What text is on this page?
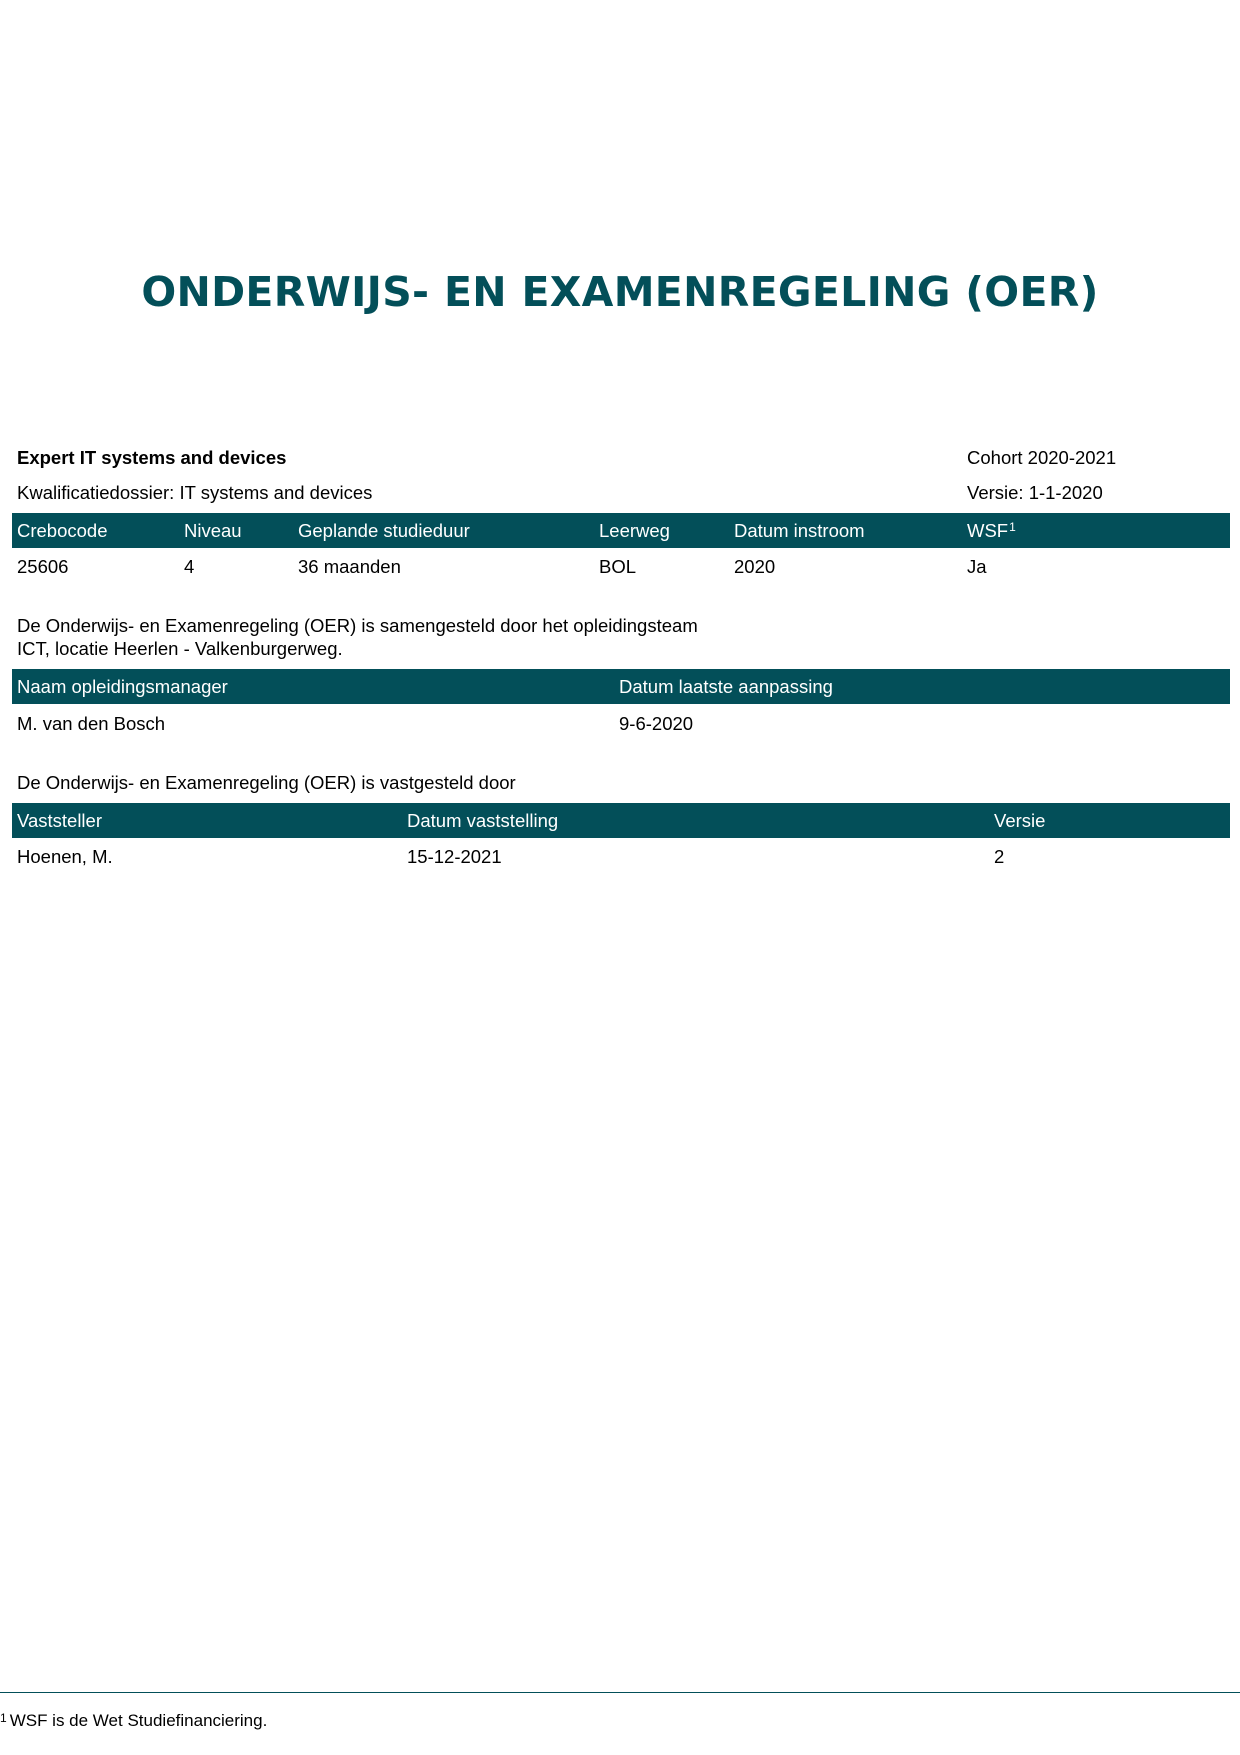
ONDERWIJS- EN EXAMENREGELING (OER)
Expert IT systems and devices
Kwalificatiedossier: IT systems and devices
Cohort 2020-2021
Versie: 1-1-2020
Crebocode	Niveau	Geplande studieduur	Leerweg	Datum instroom	WSF$^1$
25606	4	36 maanden	BOL	2020	Ja
De Onderwijs- en Examenregeling (OER) is samengesteld door het opleidingsteam
ICT, locatie Heerlen - Valkenburgerweg.
Naam opleidingsmanager	Datum laatste aanpassing
M. van den Bosch	9-6-2020
De Onderwijs- en Examenregeling (OER) is vastgesteld door
Vaststeller	Datum vaststelling	Versie
Hoenen, M.	15-12-2021	2
$^1$ WSF is de Wet Studiefinanciering.
